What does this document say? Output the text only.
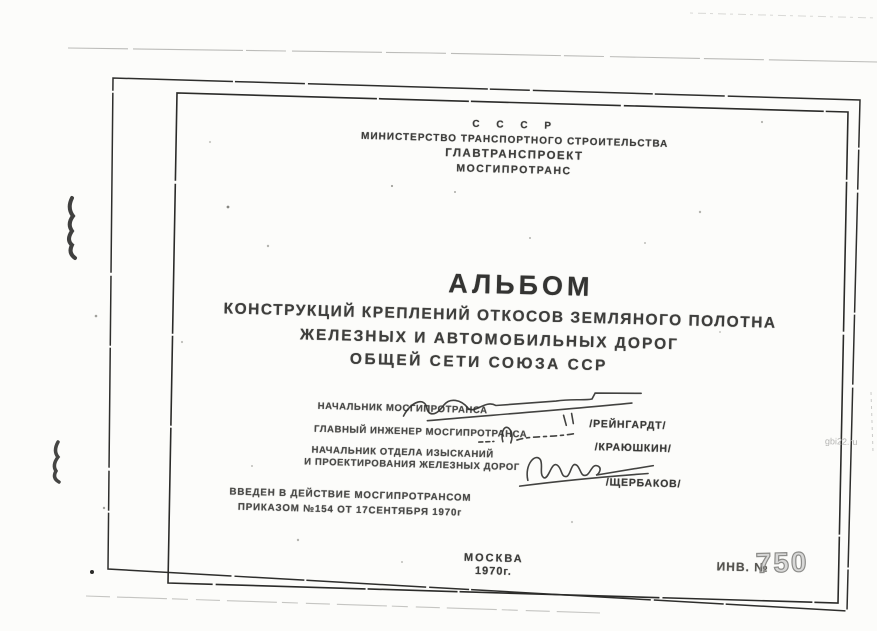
С С С Р
МИНИСТЕРСТВО ТРАНСПОРТНОГО СТРОИТЕЛЬСТВА
ГЛАВТРАНСПРОЕКТ
МОСГИПРОТРАНС
АЛЬБОМ
КОНСТРУКЦИЙ КРЕПЛЕНИЙ ОТКОСОВ ЗЕМЛЯНОГО ПОЛОТНА
ЖЕЛЕЗНЫХ И АВТОМОБИЛЬНЫХ ДОРОГ
ОБЩЕЙ СЕТИ СОЮЗА ССР
НАЧАЛЬНИК МОСГИПРОТРАНСА
/РЕЙНГАРДТ/
ГЛАВНЫЙ ИНЖЕНЕР МОСГИПРОТРАНСА
/КРАЮШКИН/
НАЧАЛЬНИК ОТДЕЛА ИЗЫСКАНИЙ
И ПРОЕКТИРОВАНИЯ ЖЕЛЕЗНЫХ ДОРОГ
/ЩЕРБАКОВ/
ВВЕДЕН В ДЕЙСТВИЕ МОСГИПРОТРАНСОМ
ПРИКАЗОМ №154 ОТ 17СЕНТЯБРЯ 1970г
МОСКВА
1970г.	ИНВ. №
750
gbi22.ru
